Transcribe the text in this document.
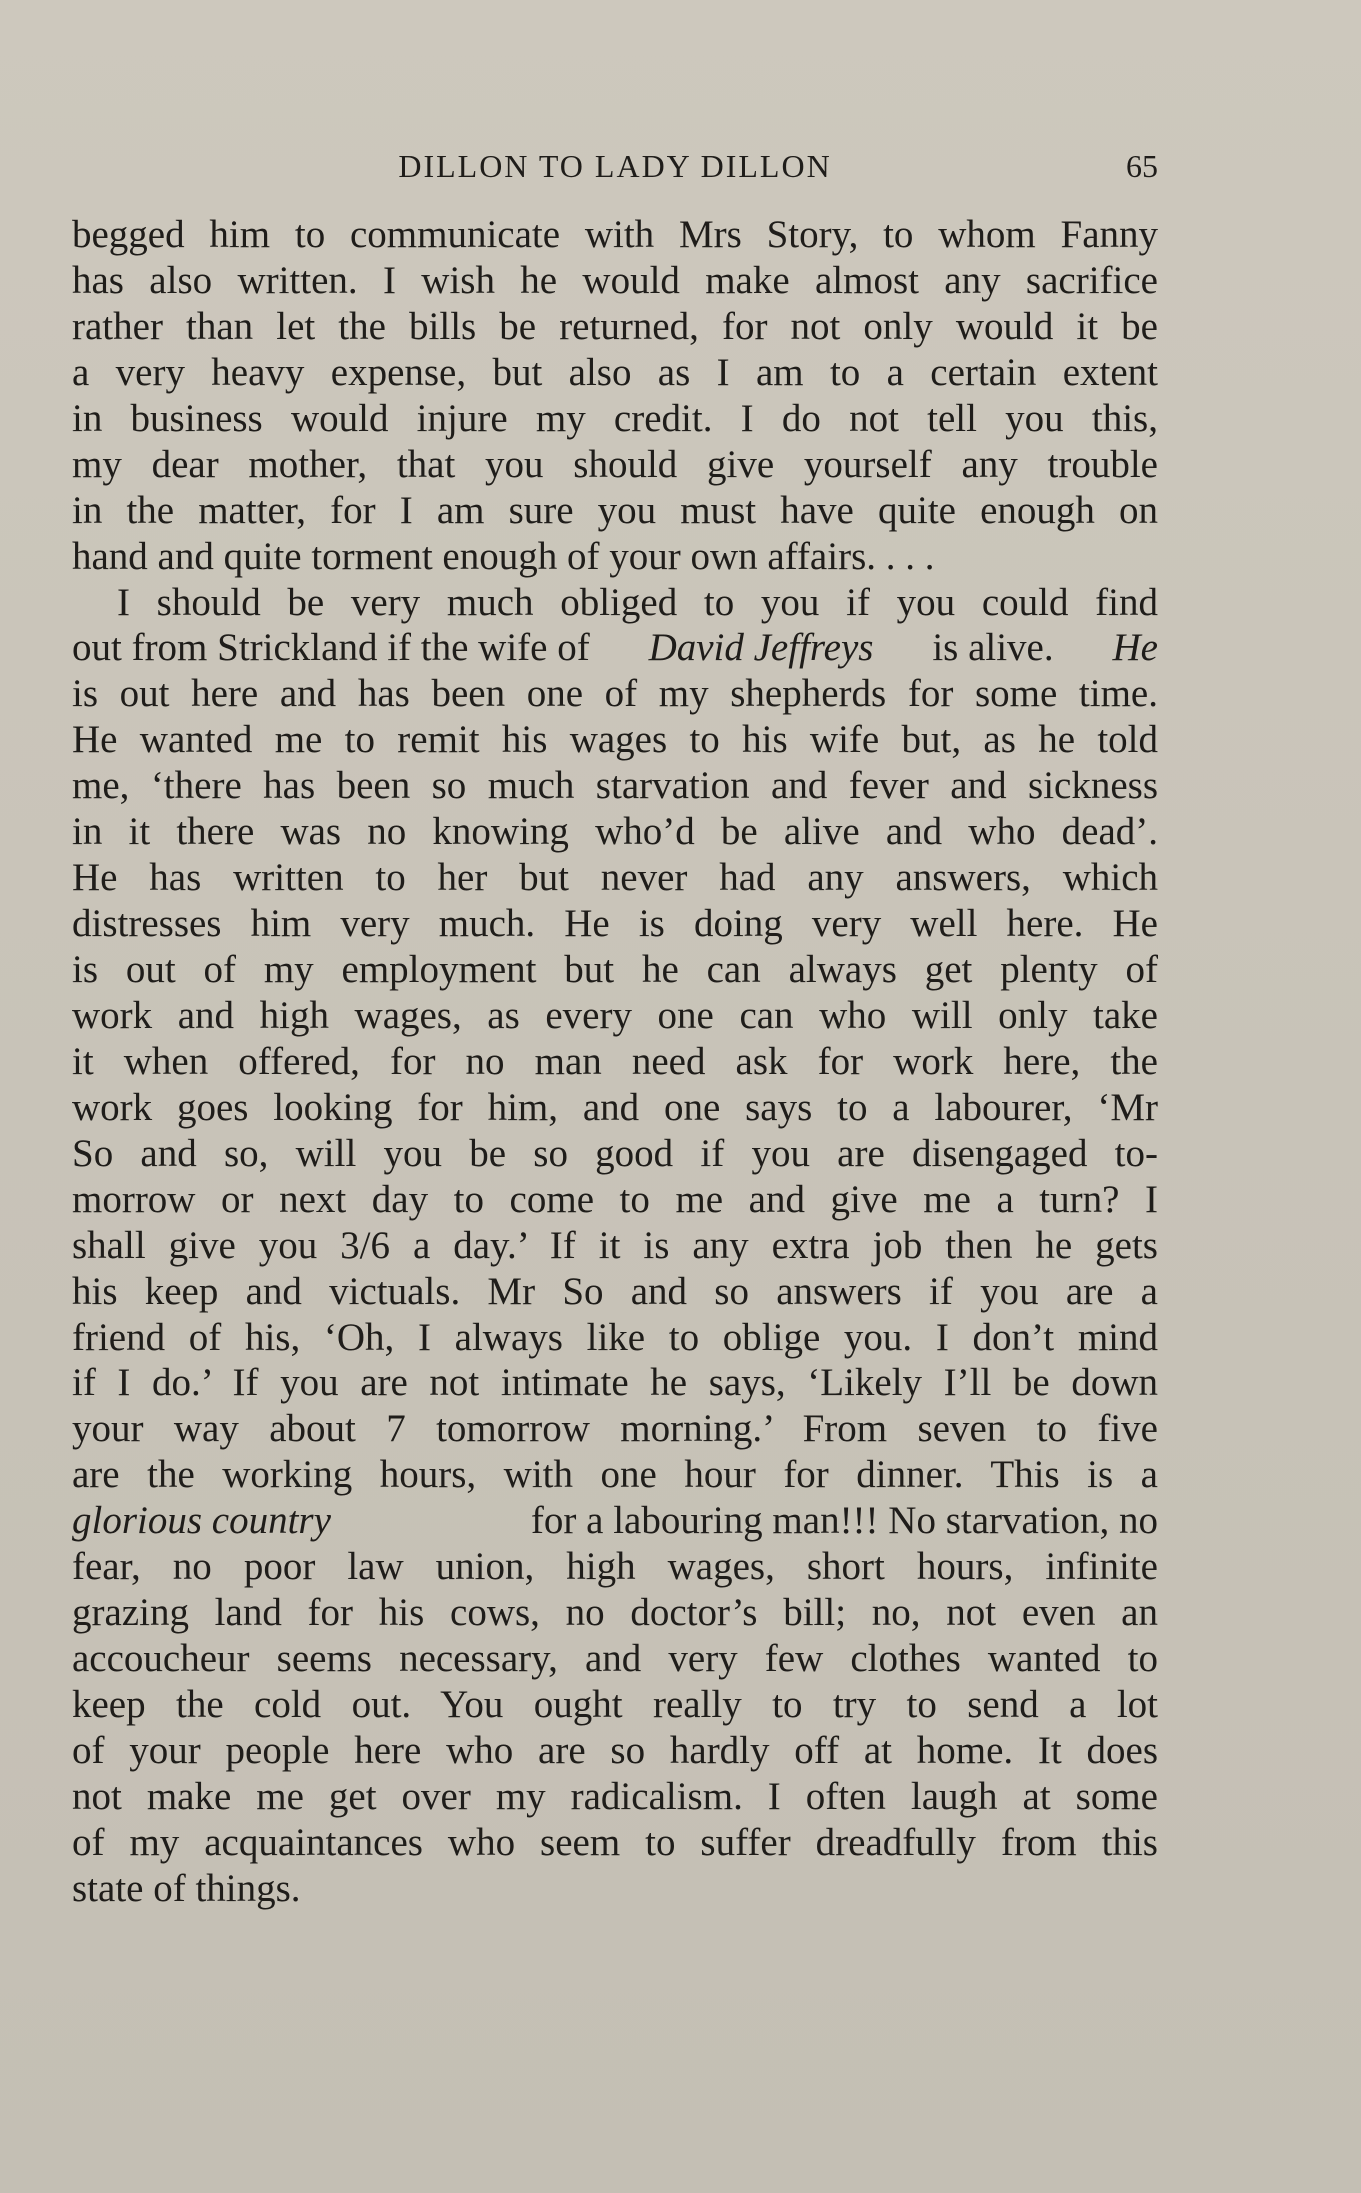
DILLON TO LADY DILLON	65
begged him to communicate with Mrs Story, to whom Fanny
has also written. I wish he would make almost any sacrifice
rather than let the bills be returned, for not only would it be
a very heavy expense, but also as I am to a certain extent
in business would injure my credit. I do not tell you this,
my dear mother, that you should give yourself any trouble
in the matter, for I am sure you must have quite enough on
hand and quite torment enough of your own affairs. . . .
I should be very much obliged to you if you could find
out from Strickland if the wife of David Jeffreys is alive. He
is out here and has been one of my shepherds for some time.
He wanted me to remit his wages to his wife but, as he told
me, ‘there has been so much starvation and fever and sickness
in it there was no knowing who’d be alive and who dead’.
He has written to her but never had any answers, which
distresses him very much. He is doing very well here. He
is out of my employment but he can always get plenty of
work and high wages, as every one can who will only take
it when offered, for no man need ask for work here, the
work goes looking for him, and one says to a labourer, ‘Mr
So and so, will you be so good if you are disengaged to-
morrow or next day to come to me and give me a turn? I
shall give you 3/6 a day.’ If it is any extra job then he gets
his keep and victuals. Mr So and so answers if you are a
friend of his, ‘Oh, I always like to oblige you. I don’t mind
if I do.’ If you are not intimate he says, ‘Likely I’ll be down
your way about 7 tomorrow morning.’ From seven to five
are the working hours, with one hour for dinner. This is a
glorious country	for a labouring man!!! No starvation, no
fear, no poor law union, high wages, short hours, infinite
grazing land for his cows, no doctor’s bill; no, not even an
accoucheur seems necessary, and very few clothes wanted to
keep the cold out. You ought really to try to send a lot
of your people here who are so hardly off at home. It does
not make me get over my radicalism. I often laugh at some
of my acquaintances who seem to suffer dreadfully from this
state of things.
